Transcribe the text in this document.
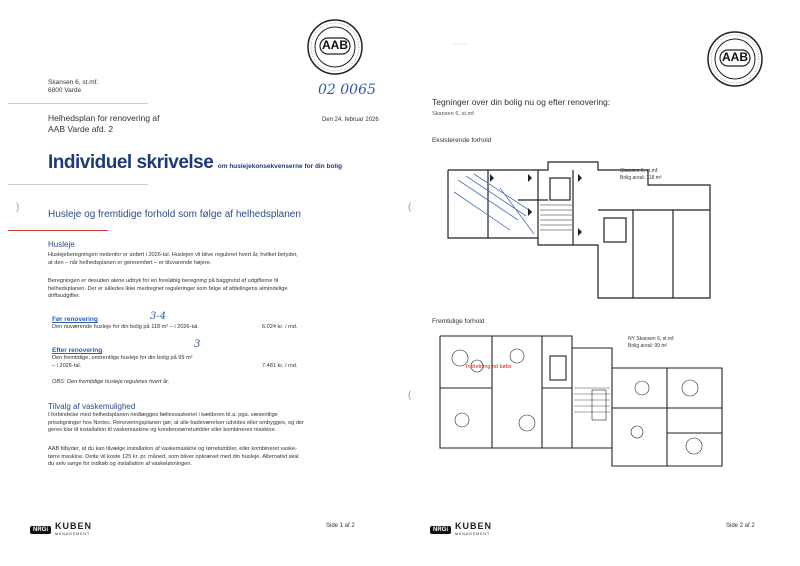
AAB
Skansen 6, st.mf.
6800 Varde	02 0065
Helhedsplan for renovering af
AAB Varde afd. 2
Den 24. februar 2026
Individuel skrivelse om huslejekonsekvenserne for din bolig
)
Husleje og fremtidige forhold som følge af helhedsplanen
Husleje
Huslejeberegningen nedenfor er anført i 2026-tal. Huslejen vil blive reguleret hvert år, hvilket betyder,
at den – når helhedsplanen er gennemført – er tilsvarende højere.
Beregningen er desuden alene udtryk for en foreløbig beregning på baggrund af udgifterne til
helhedsplanen. Der er således ikke medregnet reguleringer som følge af afdelingens almindelige
driftsudgifter.
Før renovering	3-4
Den nuværende husleje for din bolig på 118 m² – i 2026-tal.	6.024 kr. / md.
Efter renovering
3
Den fremtidige, omtrentlige husleje for din bolig på 99 m²
– i 2026-tal.	7.481 kr. / md.
OBS: Den fremtidige husleje reguleres hvert år.
Tilvalg af vaskemulighed
I forbindelse med helhedsplanen nedlægges fællesvaskeriet i kælderen bl.a. pga. væsentlige
prisstigninger hos Nortec. Renoveringsplanen gør, at alle badeværelser udvides eller ombygges, og der
geres klar til installation til vaskemaskine og kondenstørretumbler eller kombineres maskine.
AAB tilbyder, at du kan tilvælge installation af vaskemaskine og tørretumbler, eller kombineret vaske-
tørre maskine. Dette vil koste 125 kr. pr. måned, som bliver opkrævet med din husleje. Alternativt skal
du selv sørge for indkøb og installation af vaskeløsningen.
NRGi KUBEN
MANAGEMENT
Side 1 af 2
AAB
~~~~~~
Tegninger over din bolig nu og efter renovering:
Skansen 6, st.mf.
Eksisterende forhold
Skansen 6, st.mf.
Bolig areal: 118 m²
(
(
Fremtidige forhold
NY Skansen 6, st.mf.
Bolig areal: 99 m²
Indretning nd købs
NRGi KUBEN
MANAGEMENT
Side 2 af 2
